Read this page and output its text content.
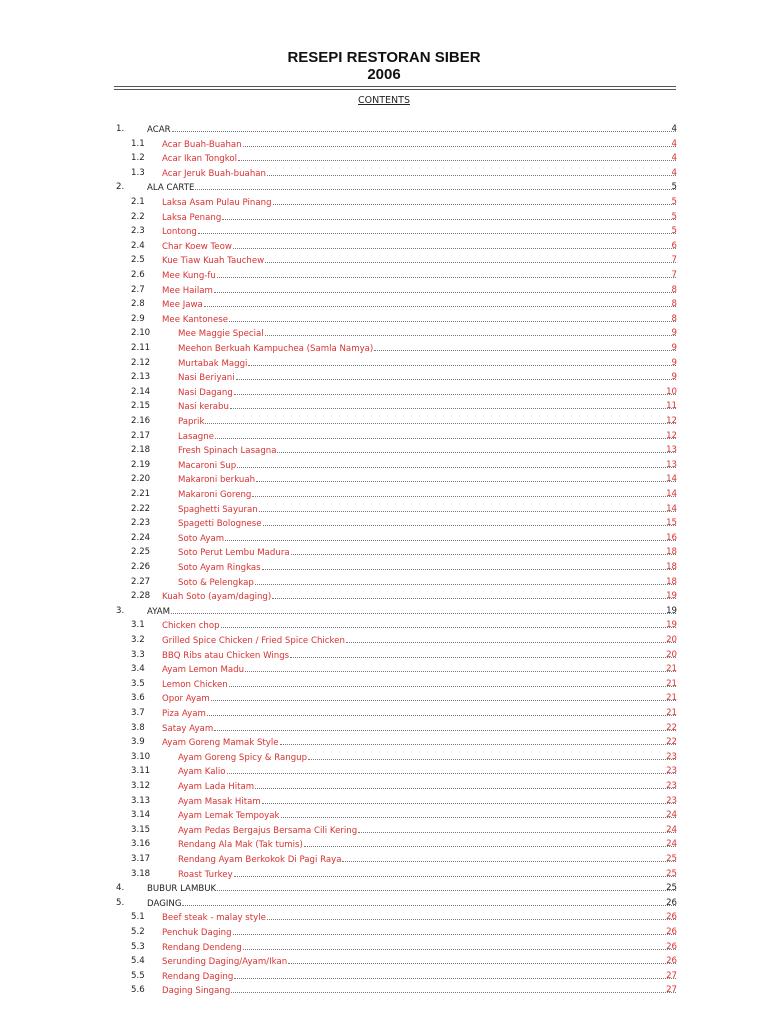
RESEPI RESTORAN SIBER
2006
CONTENTS
1.	ACAR	4
1.1 Acar Buah-Buahan	4
1.2 Acar Ikan Tongkol	4
1.3 Acar Jeruk Buah-buahan	4
2.	ALA CARTE	5
2.1 Laksa Asam Pulau Pinang	5
2.2 Laksa Penang	5
2.3 Lontong	5
2.4 Char Koew Teow	6
2.5 Kue Tiaw Kuah Tauchew	7
2.6 Mee Kung-fu	7
2.7 Mee Hailam	8
2.8 Mee Jawa	8
2.9 Mee Kantonese	8
2.10	Mee Maggie Special	9
2.11	Meehon Berkuah Kampuchea (Samla Namya)	9
2.12	Murtabak Maggi	9
2.13	Nasi Beriyani	9
2.14	Nasi Dagang	10
2.15	Nasi kerabu	11
2.16	Paprik	12
2.17	Lasagne	12
2.18	Fresh Spinach Lasagna	13
2.19	Macaroni Sup	13
2.20	Makaroni berkuah	14
2.21	Makaroni Goreng	14
2.22	Spaghetti Sayuran	14
2.23	Spagetti Bolognese	15
2.24	Soto Ayam	16
2.25	Soto Perut Lembu Madura	18
2.26	Soto Ayam Ringkas	18
2.27	Soto & Pelengkap	18
2.28 Kuah Soto (ayam/daging)	19
3.	AYAM	19
3.1 Chicken chop	19
3.2 Grilled Spice Chicken / Fried Spice Chicken	20
3.3 BBQ Ribs atau Chicken Wings	20
3.4 Ayam Lemon Madu	21
3.5 Lemon Chicken	21
3.6 Opor Ayam	21
3.7 Piza Ayam	21
3.8 Satay Ayam	22
3.9 Ayam Goreng Mamak Style	22
3.10	Ayam Goreng Spicy & Rangup	23
3.11	Ayam Kalio	23
3.12	Ayam Lada Hitam	23
3.13	Ayam Masak Hitam	23
3.14	Ayam Lemak Tempoyak	24
3.15	Ayam Pedas Bergajus Bersama Cili Kering	24
3.16	Rendang Ala Mak (Tak tumis)	24
3.17	Rendang Ayam Berkokok Di Pagi Raya	25
3.18	Roast Turkey	25
4.	BUBUR LAMBUK	25
5.	DAGING	26
5.1 Beef steak - malay style	26
5.2 Penchuk Daging	26
5.3 Rendang Dendeng	26
5.4 Serunding Daging/Ayam/Ikan	26
5.5 Rendang Daging	27
5.6 Daging Singang	27
